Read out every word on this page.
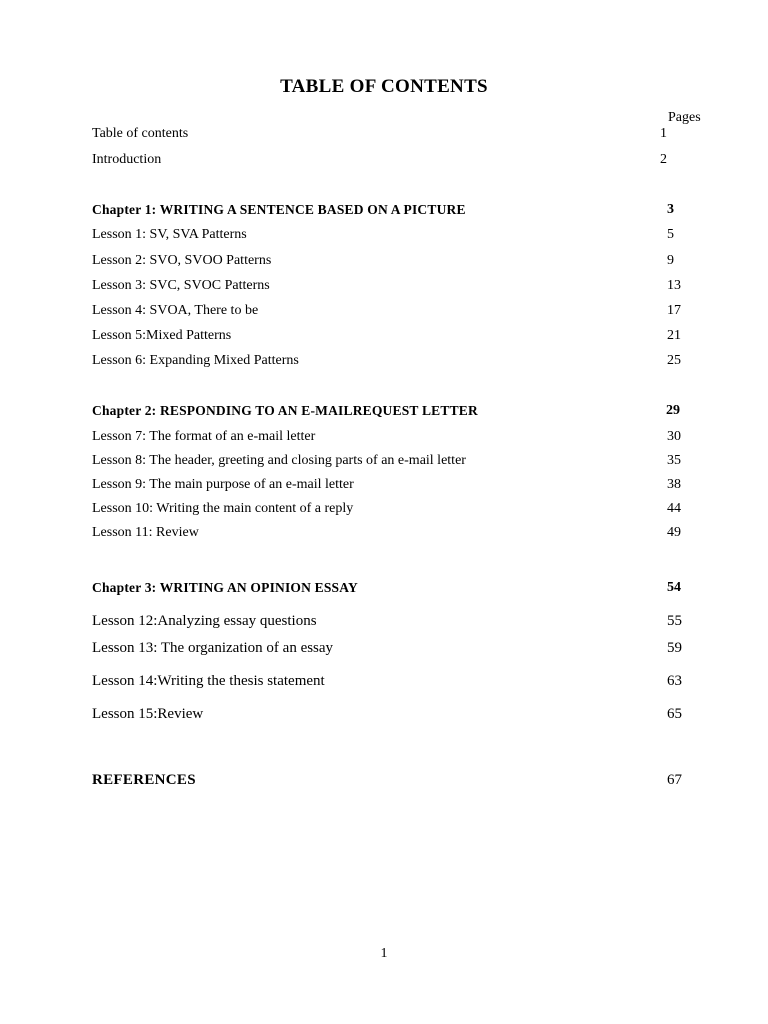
TABLE OF CONTENTS
Pages
Table of contents	1
Introduction	2
Chapter 1: WRITING A SENTENCE BASED ON A PICTURE	3
Lesson 1: SV, SVA Patterns	5
Lesson 2: SVO, SVOO Patterns	9
Lesson 3: SVC, SVOC Patterns	13
Lesson 4: SVOA, There to be	17
Lesson 5:Mixed Patterns	21
Lesson 6: Expanding Mixed Patterns	25
Chapter 2: RESPONDING TO AN E-MAILREQUEST LETTER	29
Lesson 7: The format of an e-mail letter	30
Lesson 8: The header, greeting and closing parts of an e-mail letter	35
Lesson 9: The main purpose of an e-mail letter	38
Lesson 10: Writing the main content of a reply	44
Lesson 11: Review	49
Chapter 3: WRITING AN OPINION ESSAY	54
Lesson 12:Analyzing essay questions	55
Lesson 13: The organization of an essay	59
Lesson 14:Writing the thesis statement	63
Lesson 15:Review	65
REFERENCES	67
1
